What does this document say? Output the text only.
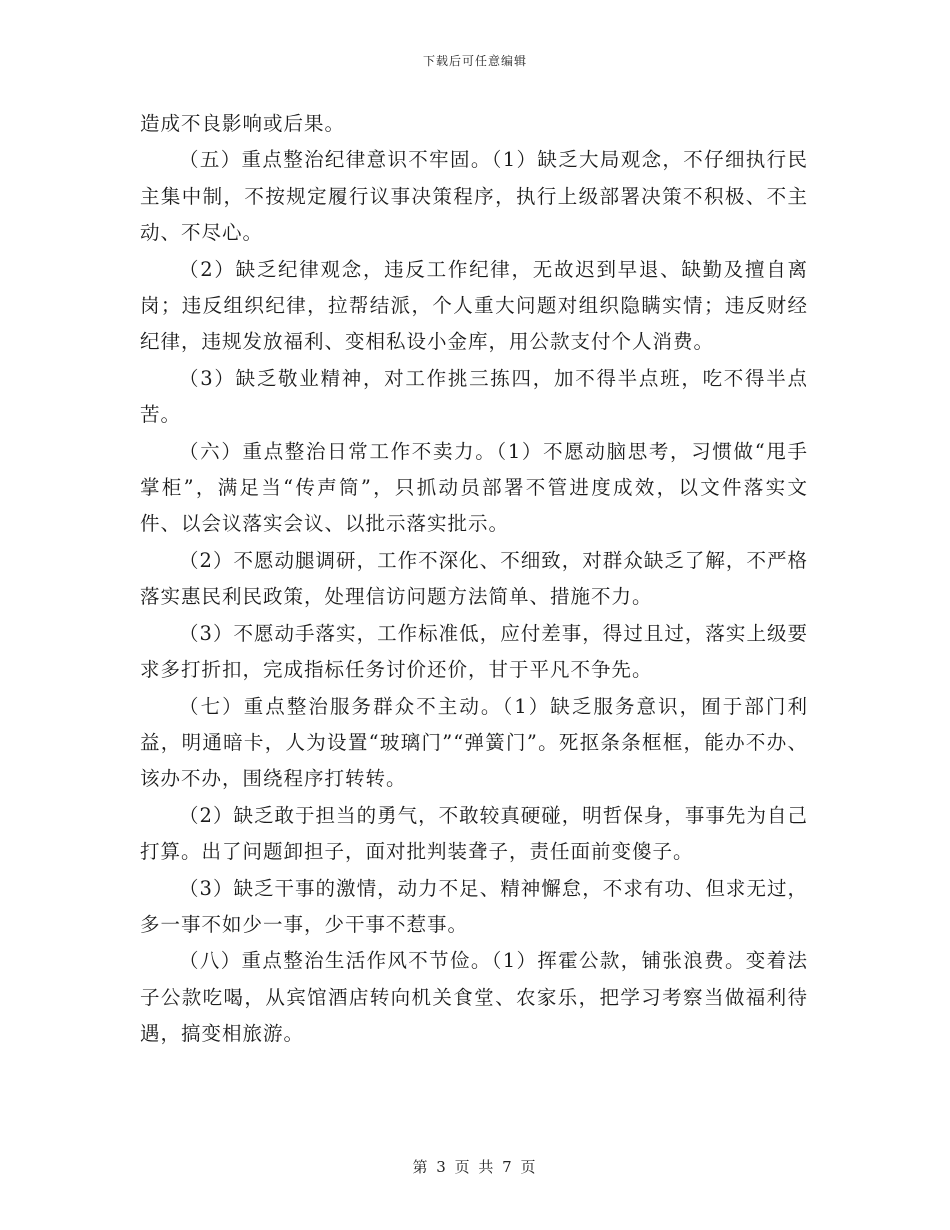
下载后可任意编辑

造成不良影响或后果。

（五）重点整治纪律意识不牢固。（1）缺乏大局观念，不仔细执行民主集中制，不按规定履行议事决策程序，执行上级部署决策不积极、不主动、不尽心。

（2）缺乏纪律观念，违反工作纪律，无故迟到早退、缺勤及擅自离岗；违反组织纪律，拉帮结派，个人重大问题对组织隐瞒实情；违反财经纪律，违规发放福利、变相私设小金库，用公款支付个人消费。

（3）缺乏敬业精神，对工作挑三拣四，加不得半点班，吃不得半点苦。

（六）重点整治日常工作不卖力。（1）不愿动脑思考，习惯做“甩手掌柜”，满足当“传声筒”，只抓动员部署不管进度成效，以文件落实文件、以会议落实会议、以批示落实批示。

（2）不愿动腿调研，工作不深化、不细致，对群众缺乏了解，不严格落实惠民利民政策，处理信访问题方法简单、措施不力。

（3）不愿动手落实，工作标准低，应付差事，得过且过，落实上级要求多打折扣，完成指标任务讨价还价，甘于平凡不争先。

（七）重点整治服务群众不主动。（1）缺乏服务意识，囿于部门利益，明通暗卡，人为设置“玻璃门”“弹簧门”。死抠条条框框，能办不办、该办不办，围绕程序打转转。

（2）缺乏敢于担当的勇气，不敢较真硬碰，明哲保身，事事先为自己打算。出了问题卸担子，面对批判装聋子，责任面前变傻子。

（3）缺乏干事的激情，动力不足、精神懈怠，不求有功、但求无过，多一事不如少一事，少干事不惹事。

（八）重点整治生活作风不节俭。（1）挥霍公款，铺张浪费。变着法子公款吃喝，从宾馆酒店转向机关食堂、农家乐，把学习考察当做福利待遇，搞变相旅游。

第 3 页 共 7 页
